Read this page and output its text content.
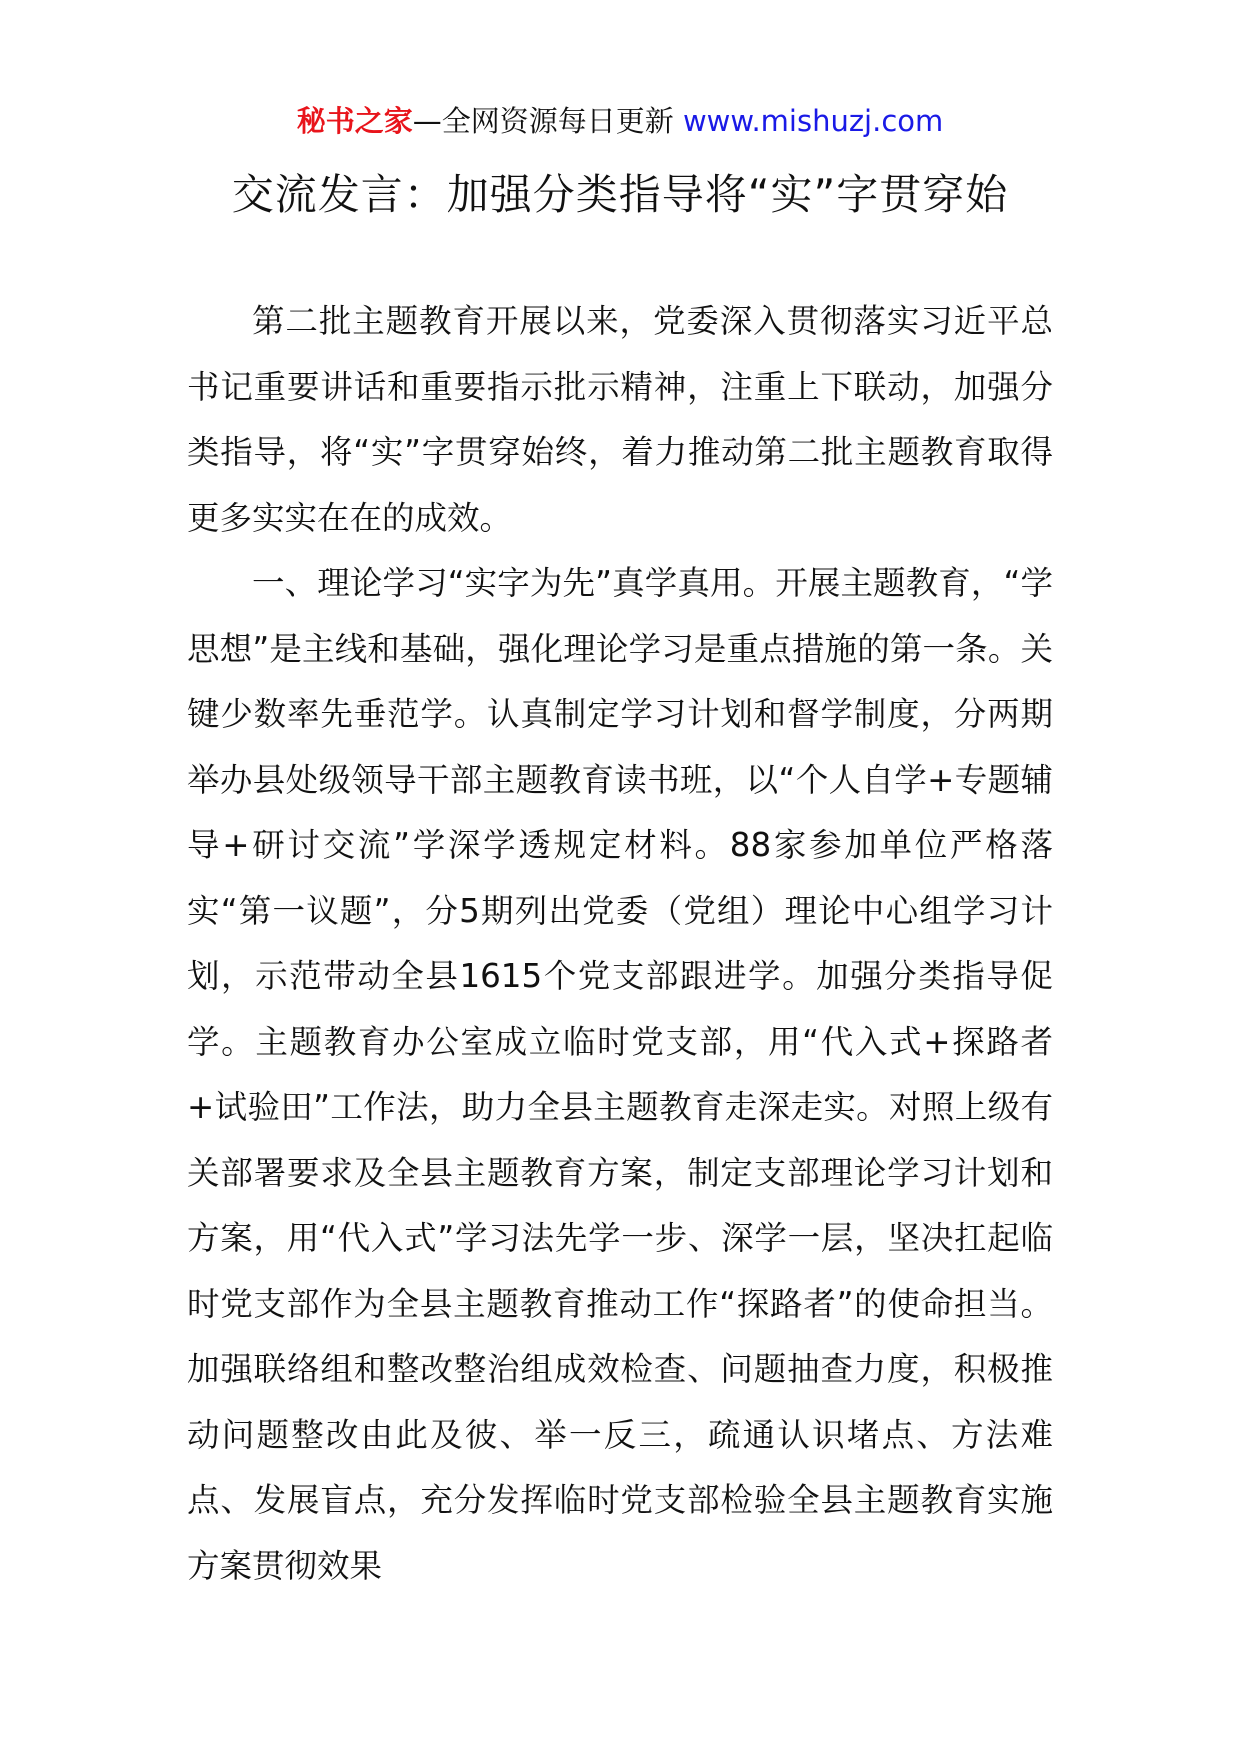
秘书之家—全网资源每日更新 www.mishuzj.com
交流发言：加强分类指导将“实”字贯穿始

第二批主题教育开展以来，党委深入贯彻落实习近平总书记重要讲话和重要指示批示精神，注重上下联动，加强分类指导，将“实”字贯穿始终，着力推动第二批主题教育取得更多实实在在的成效。

一、理论学习“实字为先”真学真用。开展主题教育，“学思想”是主线和基础，强化理论学习是重点措施的第一条。关键少数率先垂范学。认真制定学习计划和督学制度，分两期举办县处级领导干部主题教育读书班，以“个人自学+专题辅导+研讨交流”学深学透规定材料。88家参加单位严格落实“第一议题”，分5期列出党委（党组）理论中心组学习计划，示范带动全县1615个党支部跟进学。加强分类指导促学。主题教育办公室成立临时党支部，用“代入式+探路者+试验田”工作法，助力全县主题教育走深走实。对照上级有关部署要求及全县主题教育方案，制定支部理论学习计划和方案，用“代入式”学习法先学一步、深学一层，坚决扛起临时党支部作为全县主题教育推动工作“探路者”的使命担当。加强联络组和整改整治组成效检查、问题抽查力度，积极推动问题整改由此及彼、举一反三，疏通认识堵点、方法难点、发展盲点，充分发挥临时党支部检验全县主题教育实施方案贯彻效果
